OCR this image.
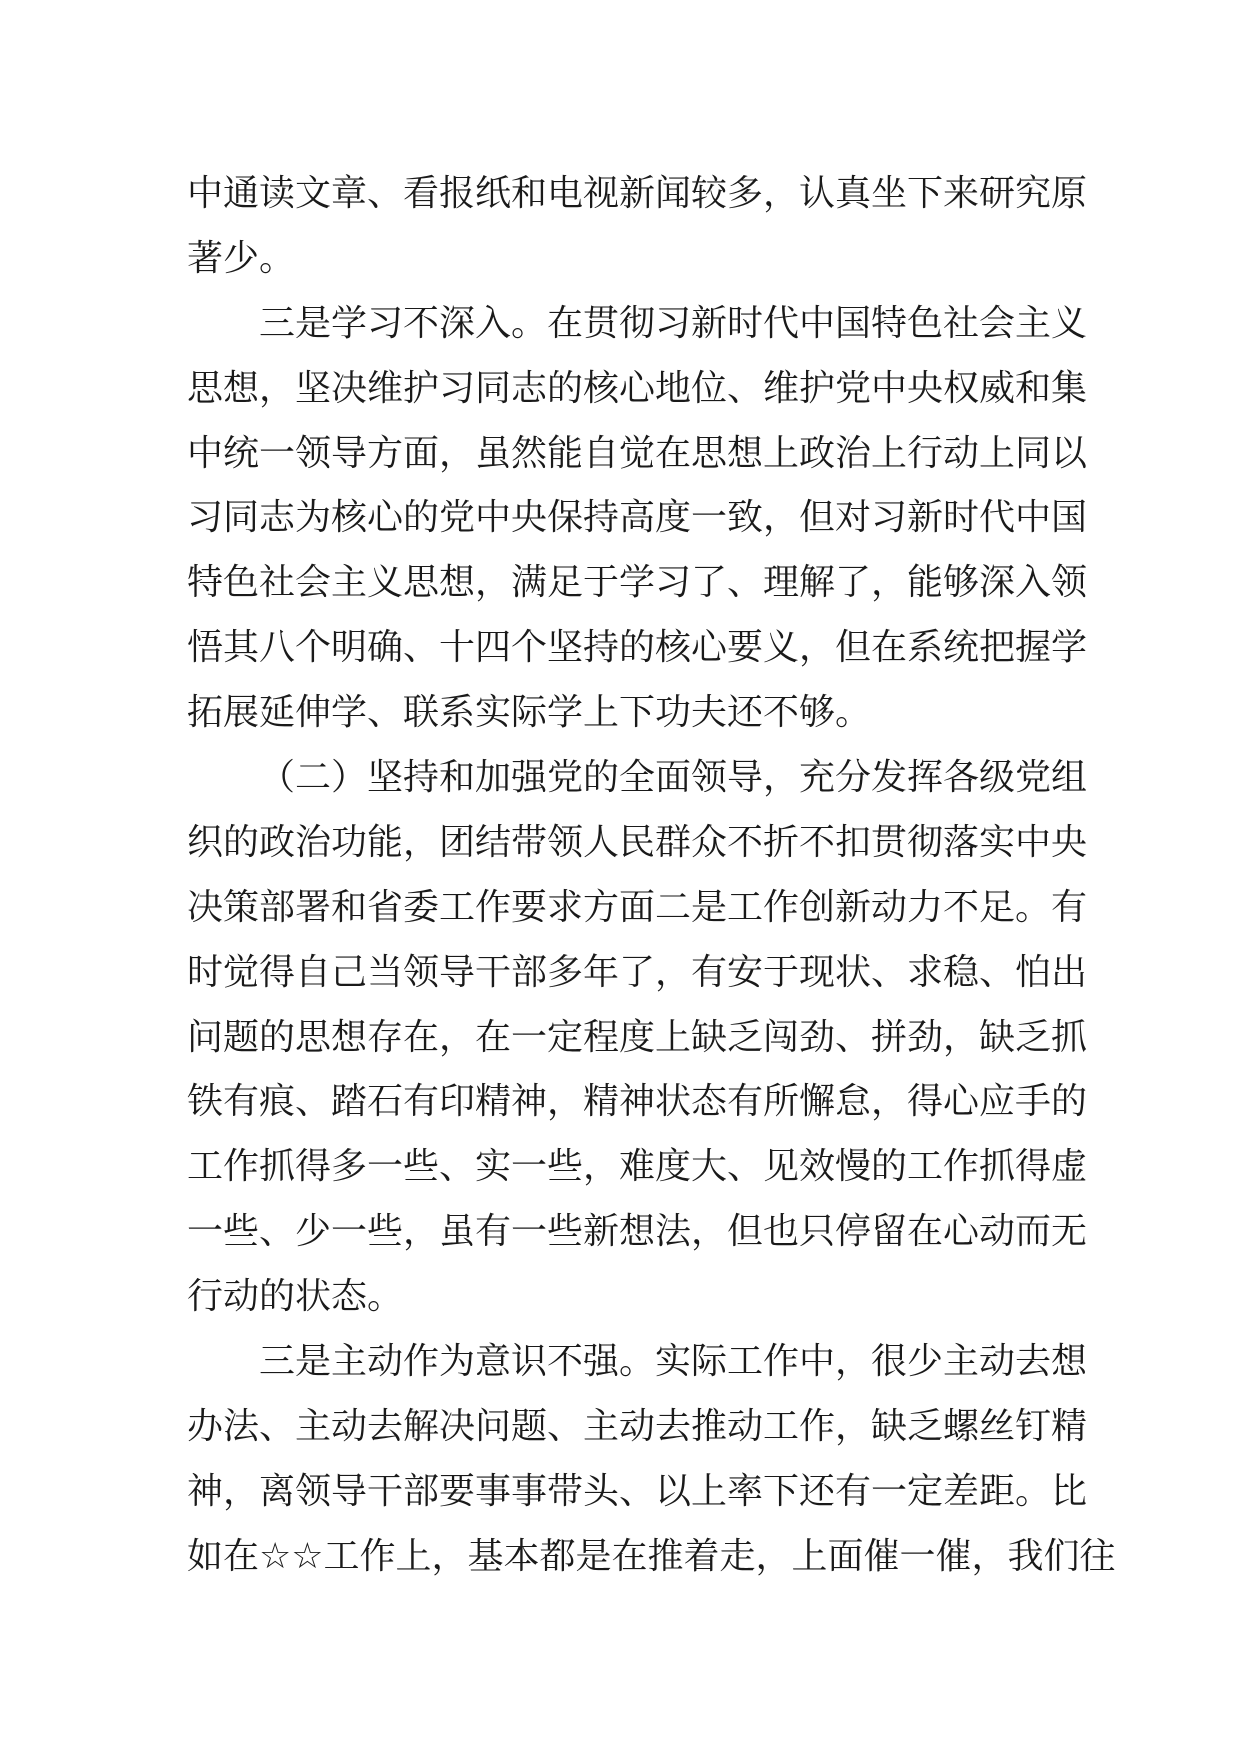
中通读文章、看报纸和电视新闻较多，认真坐下来研究原
著少。
三是学习不深入。在贯彻习新时代中国特色社会主义
思想，坚决维护习同志的核心地位、维护党中央权威和集
中统一领导方面，虽然能自觉在思想上政治上行动上同以
习同志为核心的党中央保持高度一致，但对习新时代中国
特色社会主义思想，满足于学习了、理解了，能够深入领
悟其八个明确、十四个坚持的核心要义，但在系统把握学
拓展延伸学、联系实际学上下功夫还不够。
（二）坚持和加强党的全面领导，充分发挥各级党组
织的政治功能，团结带领人民群众不折不扣贯彻落实中央
决策部署和省委工作要求方面二是工作创新动力不足。有
时觉得自己当领导干部多年了，有安于现状、求稳、怕出
问题的思想存在，在一定程度上缺乏闯劲、拼劲，缺乏抓
铁有痕、踏石有印精神，精神状态有所懈怠，得心应手的
工作抓得多一些、实一些，难度大、见效慢的工作抓得虚
一些、少一些，虽有一些新想法，但也只停留在心动而无
行动的状态。
三是主动作为意识不强。实际工作中，很少主动去想
办法、主动去解决问题、主动去推动工作，缺乏螺丝钉精
神，离领导干部要事事带头、以上率下还有一定差距。比
如在☆☆工作上，基本都是在推着走，上面催一催，我们往
